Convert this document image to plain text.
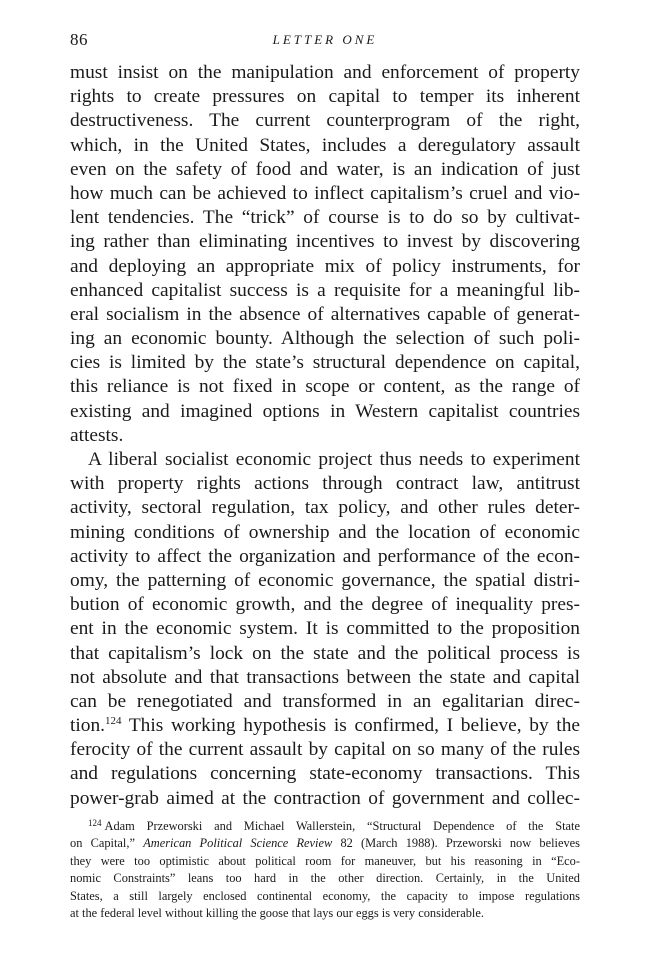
86	LETTER ONE
must insist on the manipulation and enforcement of property
rights to create pressures on capital to temper its inherent
destructiveness. The current counterprogram of the right,
which, in the United States, includes a deregulatory assault
even on the safety of food and water, is an indication of just
how much can be achieved to inflect capitalism’s cruel and vio-
lent tendencies. The “trick” of course is to do so by cultivat-
ing rather than eliminating incentives to invest by discovering
and deploying an appropriate mix of policy instruments, for
enhanced capitalist success is a requisite for a meaningful lib-
eral socialism in the absence of alternatives capable of generat-
ing an economic bounty. Although the selection of such poli-
cies is limited by the state’s structural dependence on capital,
this reliance is not fixed in scope or content, as the range of
existing and imagined options in Western capitalist countries
attests.
A liberal socialist economic project thus needs to experiment
with property rights actions through contract law, antitrust
activity, sectoral regulation, tax policy, and other rules deter-
mining conditions of ownership and the location of economic
activity to affect the organization and performance of the econ-
omy, the patterning of economic governance, the spatial distri-
bution of economic growth, and the degree of inequality pres-
ent in the economic system. It is committed to the proposition
that capitalism’s lock on the state and the political process is
not absolute and that transactions between the state and capital
can be renegotiated and transformed in an egalitarian direc-
tion.$^{124}$ This working hypothesis is confirmed, I believe, by the
ferocity of the current assault by capital on so many of the rules
and regulations concerning state-economy transactions. This
power-grab aimed at the contraction of government and collec-
$^{124}$ Adam Przeworski and Michael Wallerstein, “Structural Dependence of the State
on Capital,” American Political Science Review 82 (March 1988). Przeworski now believes
they were too optimistic about political room for maneuver, but his reasoning in “Eco-
nomic Constraints” leans too hard in the other direction. Certainly, in the United
States, a still largely enclosed continental economy, the capacity to impose regulations
at the federal level without killing the goose that lays our eggs is very considerable.
